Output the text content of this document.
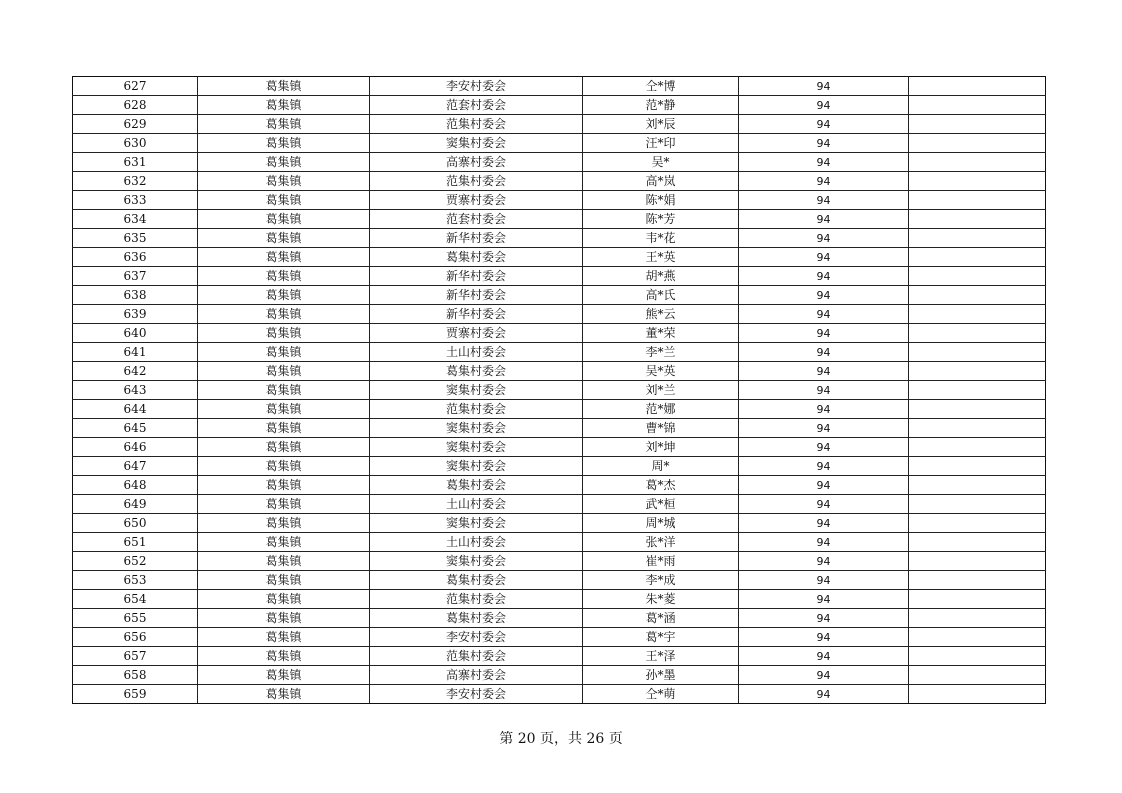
627	葛集镇	李安村委会	仝*博	94	
628	葛集镇	范套村委会	范*静	94	
629	葛集镇	范集村委会	刘*辰	94	
630	葛集镇	窦集村委会	汪*印	94	
631	葛集镇	高寨村委会	吴*	94	
632	葛集镇	范集村委会	高*岚	94	
633	葛集镇	贾寨村委会	陈*娟	94	
634	葛集镇	范套村委会	陈*芳	94	
635	葛集镇	新华村委会	韦*花	94	
636	葛集镇	葛集村委会	王*英	94	
637	葛集镇	新华村委会	胡*燕	94	
638	葛集镇	新华村委会	高*氏	94	
639	葛集镇	新华村委会	熊*云	94	
640	葛集镇	贾寨村委会	董*荣	94	
641	葛集镇	土山村委会	李*兰	94	
642	葛集镇	葛集村委会	吴*英	94	
643	葛集镇	窦集村委会	刘*兰	94	
644	葛集镇	范集村委会	范*娜	94	
645	葛集镇	窦集村委会	曹*锦	94	
646	葛集镇	窦集村委会	刘*坤	94	
647	葛集镇	窦集村委会	周*	94	
648	葛集镇	葛集村委会	葛*杰	94	
649	葛集镇	土山村委会	武*桓	94	
650	葛集镇	窦集村委会	周*城	94	
651	葛集镇	土山村委会	张*洋	94	
652	葛集镇	窦集村委会	崔*雨	94	
653	葛集镇	葛集村委会	李*成	94	
654	葛集镇	范集村委会	朱*菱	94	
655	葛集镇	葛集村委会	葛*涵	94	
656	葛集镇	李安村委会	葛*宇	94	
657	葛集镇	范集村委会	王*泽	94	
658	葛集镇	高寨村委会	孙*墨	94	
659	葛集镇	李安村委会	仝*萌	94	
第 20 页，共 26 页
